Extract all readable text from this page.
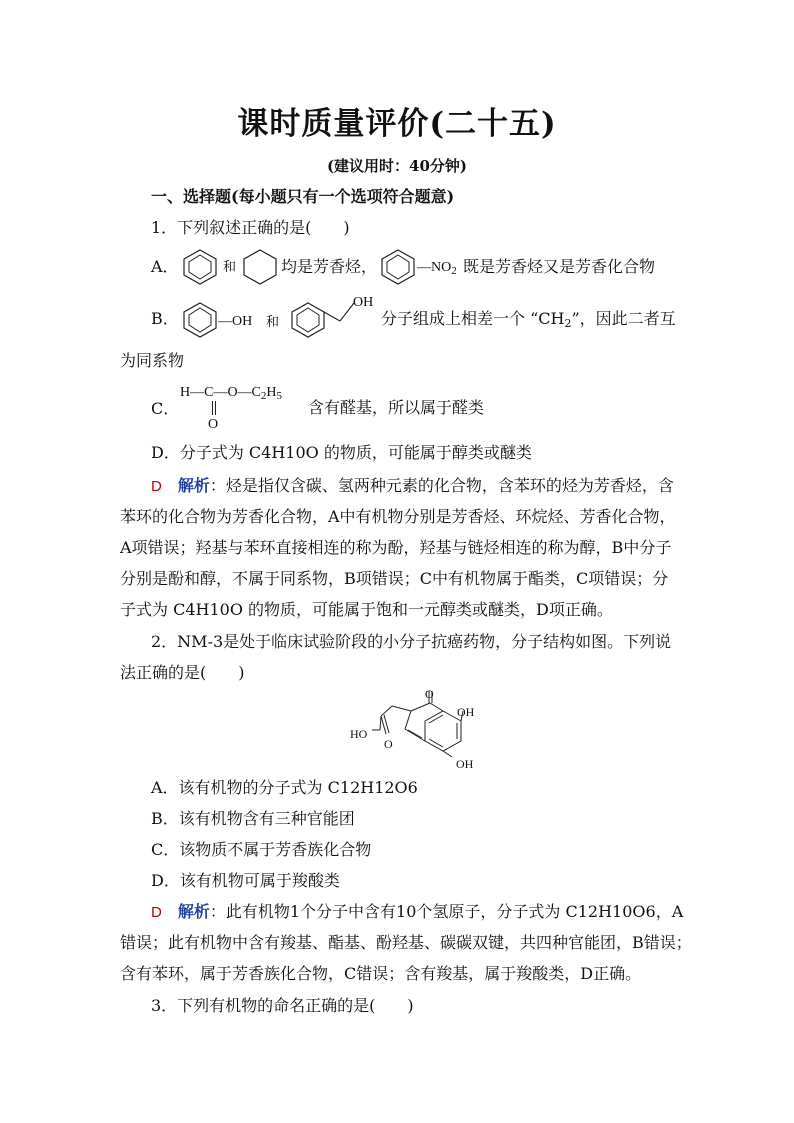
课时质量评价(二十五)
(建议用时：40分钟)
一、选择题(每小题只有一个选项符合题意)
1．下列叙述正确的是(　　)
A．	和	均是芳香烃，	$—NO_2$ 既是芳香烃又是芳香化合物
B．	—OH 和
OH
分子组成上相差一个 “$CH_2$”，因此二者互
为同系物
C．
$H—C—O—C_2H_5$
O
含有醛基，所以属于醛类
D．分子式为 C4H10O 的物质，可能属于醇类或醚类
D　 解析：烃是指仅含碳、氢两种元素的化合物，含苯环的烃为芳香烃，含
苯环的化合物为芳香化合物，A中有机物分别是芳香烃、环烷烃、芳香化合物，
A项错误；羟基与苯环直接相连的称为酚，羟基与链烃相连的称为醇，B中分子
分别是酚和醇，不属于同系物，B项错误；C中有机物属于酯类，C项错误；分
子式为 C4H10O 的物质，可能属于饱和一元醇类或醚类，D项正确。
2．NM-3是处于临床试验阶段的小分子抗癌药物，分子结构如图。下列说
法正确的是(　　)
O
OH
HO
O
OH
A．该有机物的分子式为 C12H12O6
B．该有机物含有三种官能团
C．该物质不属于芳香族化合物
D．该有机物可属于羧酸类
D　 解析：此有机物1个分子中含有10个氢原子，分子式为 C12H10O6，A
错误；此有机物中含有羧基、酯基、酚羟基、碳碳双键，共四种官能团，B错误；
含有苯环，属于芳香族化合物，C错误；含有羧基，属于羧酸类，D正确。
3．下列有机物的命名正确的是(　　)
